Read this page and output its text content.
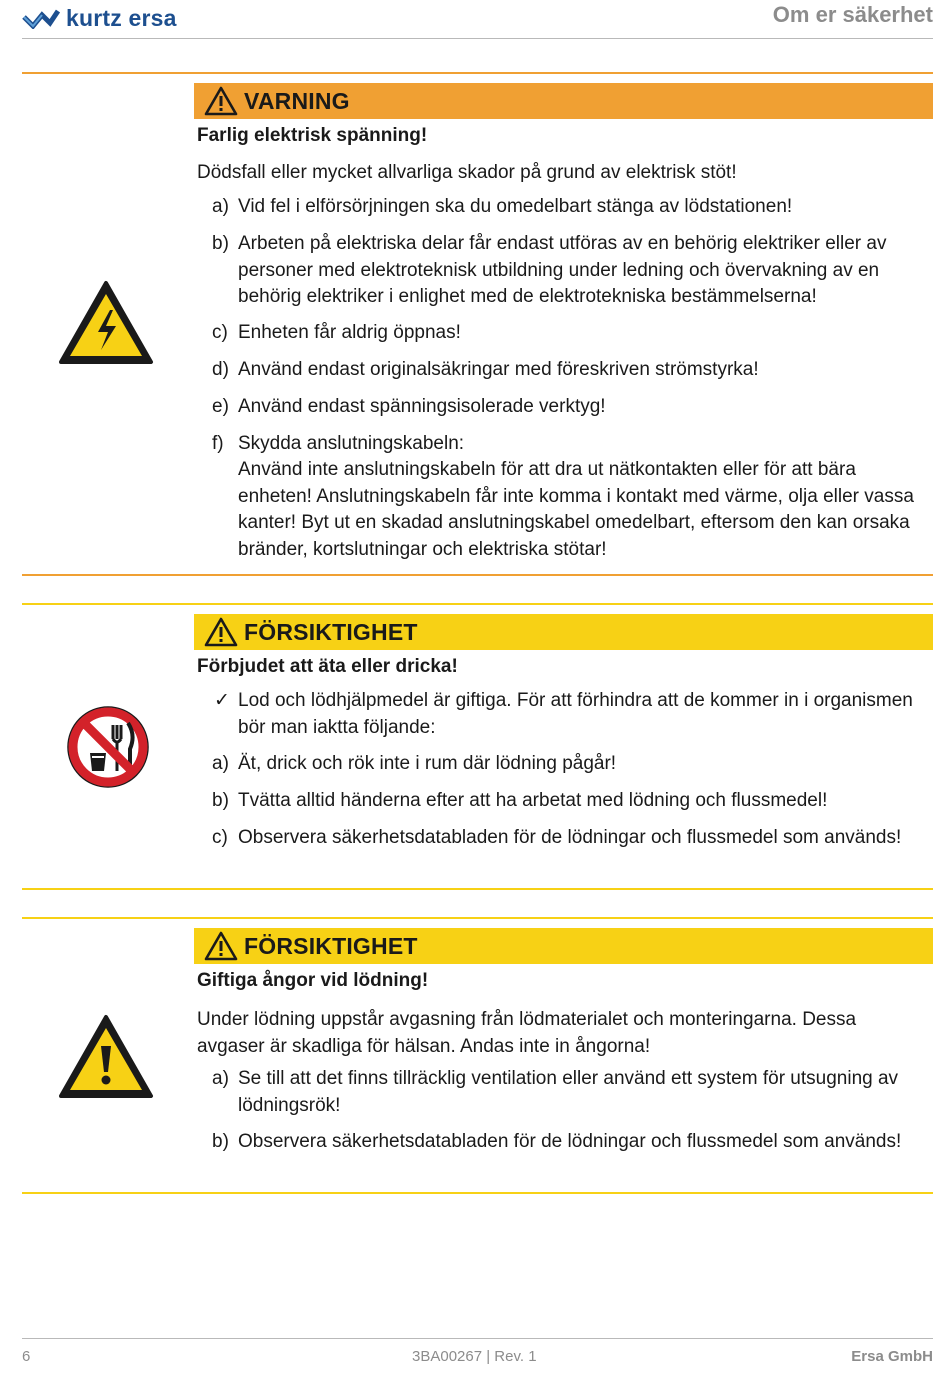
kurtz ersa	Om er säkerhet
VARNING
Farlig elektrisk spänning!
Dödsfall eller mycket allvarliga skador på grund av elektrisk stöt!
a) Vid fel i elförsörjningen ska du omedelbart stänga av lödstationen!
b) Arbeten på elektriska delar får endast utföras av en behörig elektriker eller av personer med elektroteknisk utbildning under ledning och övervakning av en behörig elektriker i enlighet med de elektrotekniska bestämmelserna!
c) Enheten får aldrig öppnas!
d) Använd endast originalsäkringar med föreskriven strömstyrka!
e) Använd endast spänningsisolerade verktyg!
f) Skydda anslutningskabeln:
Använd inte anslutningskabeln för att dra ut nätkontakten eller för att bära enheten! Anslutningskabeln får inte komma i kontakt med värme, olja eller vassa kanter! Byt ut en skadad anslutningskabel omedelbart, eftersom den kan orsaka bränder, kortslutningar och elektriska stötar!
FÖRSIKTIGHET
Förbjudet att äta eller dricka!
✓ Lod och lödhjälpmedel är giftiga. För att förhindra att de kommer in i organismen bör man iaktta följande:
a) Ät, drick och rök inte i rum där lödning pågår!
b) Tvätta alltid händerna efter att ha arbetat med lödning och flussmedel!
c) Observera säkerhetsdatabladen för de lödningar och flussmedel som används!
FÖRSIKTIGHET
Giftiga ångor vid lödning!
Under lödning uppstår avgasning från lödmaterialet och monteringarna. Dessa avgaser är skadliga för hälsan. Andas inte in ångorna!
a) Se till att det finns tillräcklig ventilation eller använd ett system för utsugning av lödningsrök!
b) Observera säkerhetsdatabladen för de lödningar och flussmedel som används!
6	3BA00267 | Rev. 1	Ersa GmbH
